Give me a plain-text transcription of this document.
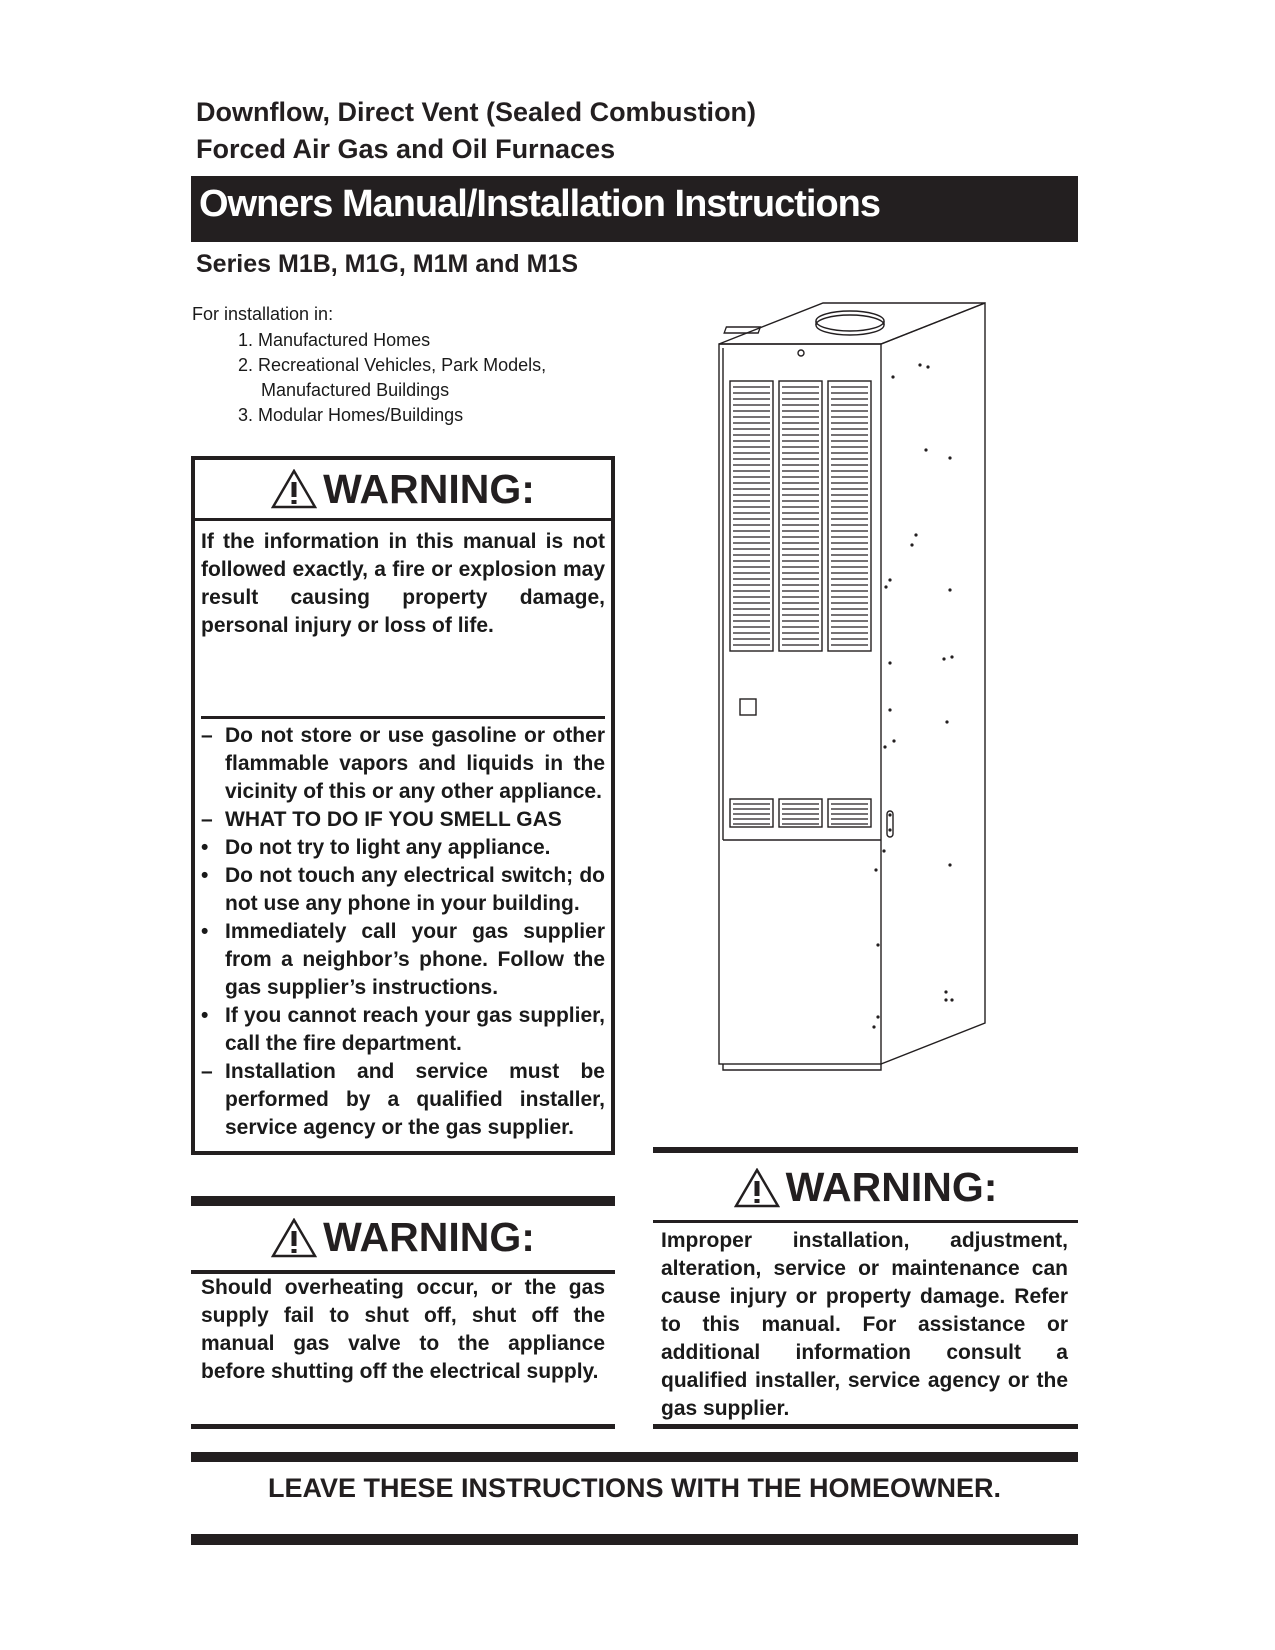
Downflow, Direct Vent (Sealed Combustion)
Forced Air Gas and Oil Furnaces
Owners Manual/Installation Instructions
Series M1B, M1G, M1M and M1S
For installation in:
1. Manufactured Homes
2. Recreational Vehicles, Park Models,
Manufactured Buildings
3. Modular Homes/Buildings
WARNING:

If the information in this manual is not followed exactly, a fire or explosion may result causing property damage, personal injury or loss of life.

– Do not store or use gasoline or other flammable vapors and liquids in the vicinity of this or any other appliance.
– WHAT TO DO IF YOU SMELL GAS
• Do not try to light any appliance.
• Do not touch any electrical switch; do not use any phone in your building.
• Immediately call your gas supplier from a neighbor’s phone. Follow the gas supplier’s instructions.
• If you cannot reach your gas supplier, call the fire department.
– Installation and service must be performed by a qualified installer, service agency or the gas supplier.
WARNING:
Should overheating occur, or the gas supply fail to shut off, shut off the manual gas valve to the appliance before shutting off the electrical supply.
WARNING:
Improper installation, adjustment, alteration, service or maintenance can cause injury or property damage. Refer to this manual. For assistance or additional information consult a qualified installer, service agency or the gas supplier.
LEAVE THESE INSTRUCTIONS WITH THE HOMEOWNER.
